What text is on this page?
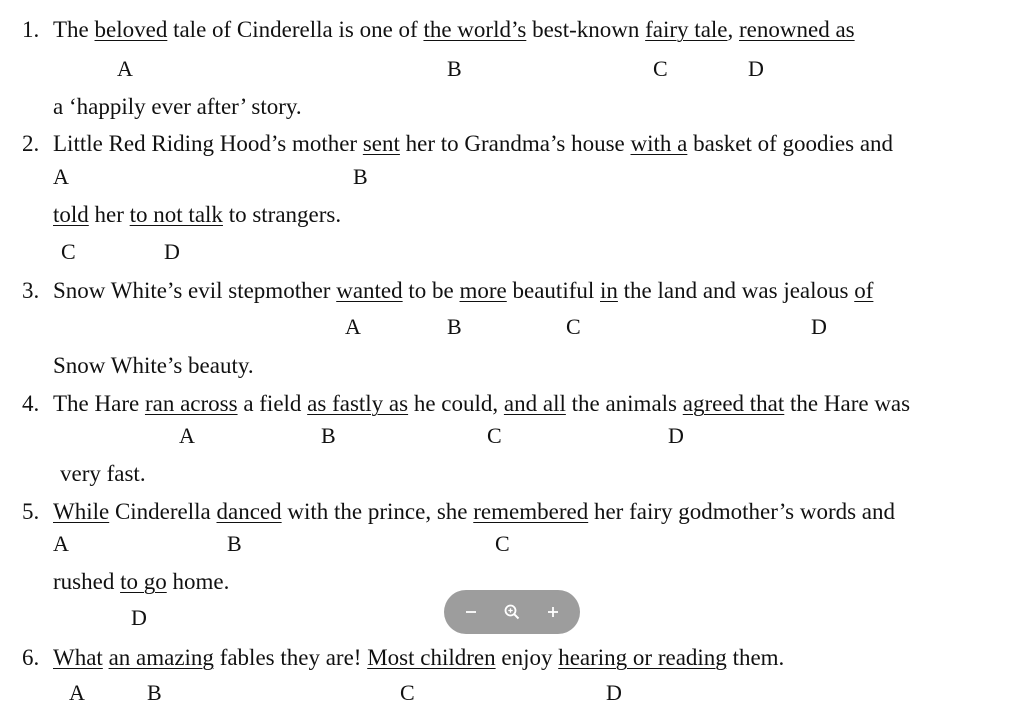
1. The beloved tale of Cinderella is one of the world’s best-known fairy tale, renowned as
A	B	C	D
a ‘happily ever after’ story.
2. Little Red Riding Hood’s mother sent her to Grandma’s house with a basket of goodies and
A	B
C	D
told her to not talk to strangers.
3. Snow White’s evil stepmother wanted to be more beautiful in the land and was jealous of
A	B	C	D
Snow White’s beauty.
4. The Hare ran across a field as fastly as he could, and all the animals agreed that the Hare was
A	B	C	D
very fast.
5. While Cinderella danced with the prince, she remembered her fairy godmother’s words and
A	B	C
D
rushed to go home.
6. What an amazing fables they are! Most children enjoy hearing or reading them.
A	B	C	D
